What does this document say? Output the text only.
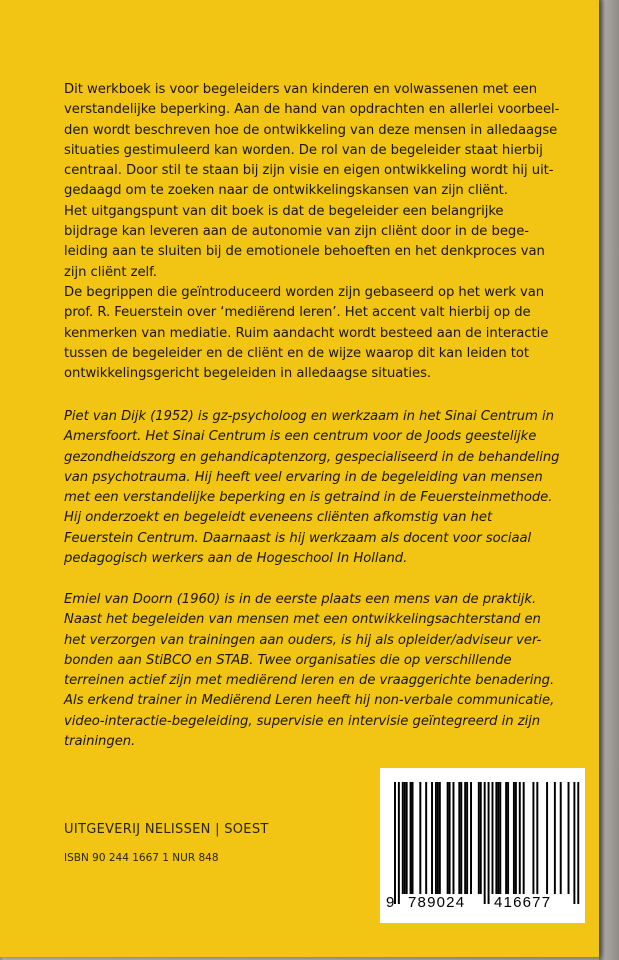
Dit werkboek is voor begeleiders van kinderen en volwassenen met een
verstandelijke beperking. Aan de hand van opdrachten en allerlei voorbeel-
den wordt beschreven hoe de ontwikkeling van deze mensen in alledaagse
situaties gestimuleerd kan worden. De rol van de begeleider staat hierbij
centraal. Door stil te staan bij zijn visie en eigen ontwikkeling wordt hij uit-
gedaagd om te zoeken naar de ontwikkelingskansen van zijn cliënt.
Het uitgangspunt van dit boek is dat de begeleider een belangrijke
bijdrage kan leveren aan de autonomie van zijn cliënt door in de bege-
leiding aan te sluiten bij de emotionele behoeften en het denkproces van
zijn cliënt zelf.
De begrippen die geïntroduceerd worden zijn gebaseerd op het werk van
prof. R. Feuerstein over ‘mediërend leren’. Het accent valt hierbij op de
kenmerken van mediatie. Ruim aandacht wordt besteed aan de interactie
tussen de begeleider en de cliënt en de wijze waarop dit kan leiden tot
ontwikkelingsgericht begeleiden in alledaagse situaties.
Piet van Dijk (1952) is gz-psycholoog en werkzaam in het Sinai Centrum in
Amersfoort. Het Sinai Centrum is een centrum voor de Joods geestelijke
gezondheidszorg en gehandicaptenzorg, gespecialiseerd in de behandeling
van psychotrauma. Hij heeft veel ervaring in de begeleiding van mensen
met een verstandelijke beperking en is getraind in de Feuersteinmethode.
Hij onderzoekt en begeleidt eveneens cliënten afkomstig van het
Feuerstein Centrum. Daarnaast is hij werkzaam als docent voor sociaal
pedagogisch werkers aan de Hogeschool In Holland.
Emiel van Doorn (1960) is in de eerste plaats een mens van de praktijk.
Naast het begeleiden van mensen met een ontwikkelingsachterstand en
het verzorgen van trainingen aan ouders, is hij als opleider/adviseur ver-
bonden aan StiBCO en STAB. Twee organisaties die op verschillende
terreinen actief zijn met mediërend leren en de vraaggerichte benadering.
Als erkend trainer in Mediërend Leren heeft hij non-verbale communicatie,
video-interactie-begeleiding, supervisie en intervisie geïntegreerd in zijn
trainingen.
UITGEVERIJ NELISSEN | SOEST
ISBN 90 244 1667 1 NUR 848
9 789024 416677
